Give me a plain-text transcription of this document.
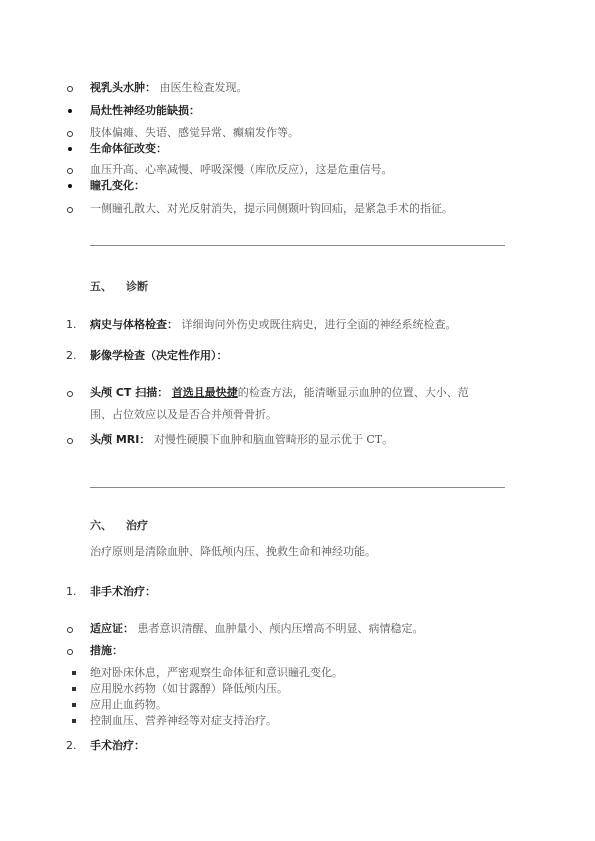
视乳头水肿： 由医生检查发现。
局灶性神经功能缺损：
肢体偏瘫、失语、感觉异常、癫痫发作等。
生命体征改变：
血压升高、心率减慢、呼吸深慢（库欣反应），这是危重信号。
瞳孔变化：
一侧瞳孔散大、对光反射消失，提示同侧颞叶钩回疝，是紧急手术的指征。
五、 诊断
1. 病史与体格检查： 详细询问外伤史或既往病史，进行全面的神经系统检查。
2. 影像学检查（决定性作用）：
头颅 CT 扫描： 首选且最快捷的检查方法，能清晰显示血肿的位置、大小、范
围、占位效应以及是否合并颅骨骨折。
头颅 MRI： 对慢性硬膜下血肿和脑血管畸形的显示优于 CT。
六、 治疗
治疗原则是清除血肿、降低颅内压、挽救生命和神经功能。
1. 非手术治疗：
适应证： 患者意识清醒、血肿量小、颅内压增高不明显、病情稳定。
措施：
绝对卧床休息，严密观察生命体征和意识瞳孔变化。
应用脱水药物（如甘露醇）降低颅内压。
应用止血药物。
控制血压、营养神经等对症支持治疗。
2. 手术治疗：
